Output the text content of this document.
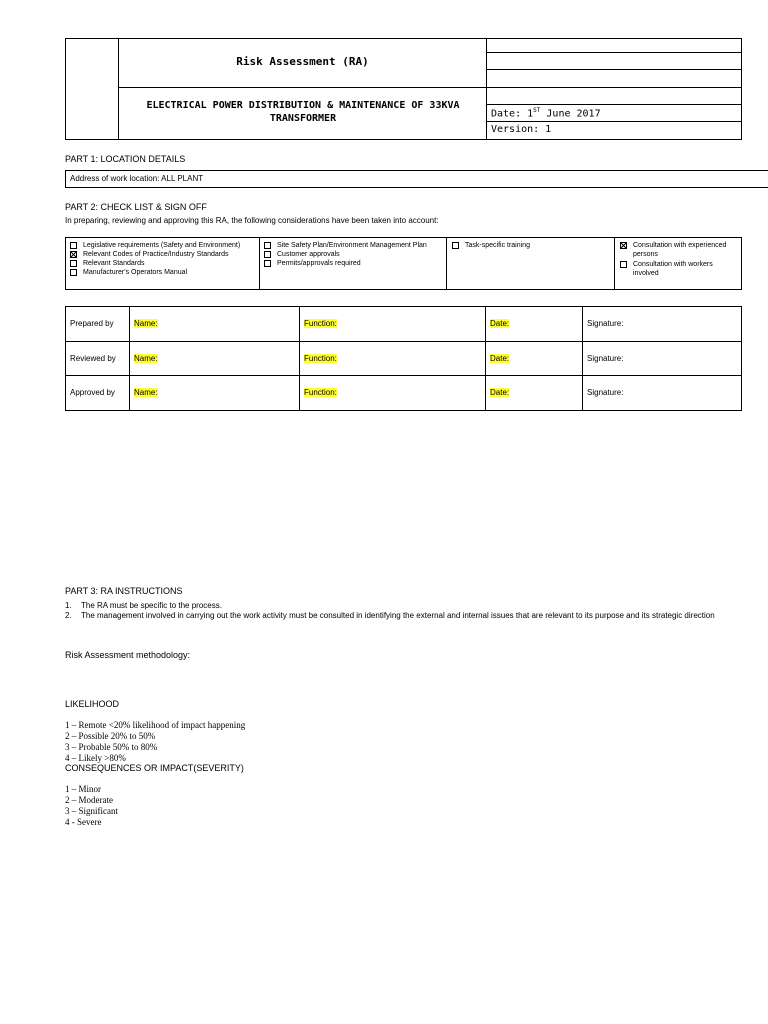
Risk Assessment (RA)
ELECTRICAL POWER DISTRIBUTION & MAINTENANCE OF 33KVA TRANSFORMER	Date: 1ST June 2017
Version: 1
PART 1: LOCATION DETAILS
Address of work location: ALL PLANT
PART 2: CHECK LIST & SIGN OFF
In preparing, reviewing and approving this RA, the following considerations have been taken into account:
Legislative requirements (Safety and Environment)
Relevant Codes of Practice/Industry Standards
Relevant Standards
Manufacturer's Operators Manual
Site Safety Plan/Environment Management Plan
Customer approvals
Permits/approvals required
Task-specific training	Consultation with experienced persons
Consultation with workers involved
Prepared by	Name:	Function:	Date:	Signature:
Reviewed by	Name:	Function:	Date:	Signature:
Approved by	Name:	Function:	Date:	Signature:
PART 3: RA INSTRUCTIONS
1.	The RA must be specific to the process.
2.	The management involved in carrying out the work activity must be consulted in identifying the external and internal issues that are relevant to its purpose and its strategic direction
Risk Assessment methodology:
LIKELIHOOD

1 – Remote <20% likelihood of impact happening

2 – Possible 20% to 50%

3 – Probable 50% to 80%

4 – Likely >80%

CONSEQUENCES OR IMPACT(SEVERITY)

1 – Minor

2 – Moderate

3 – Significant

4 - Severe
